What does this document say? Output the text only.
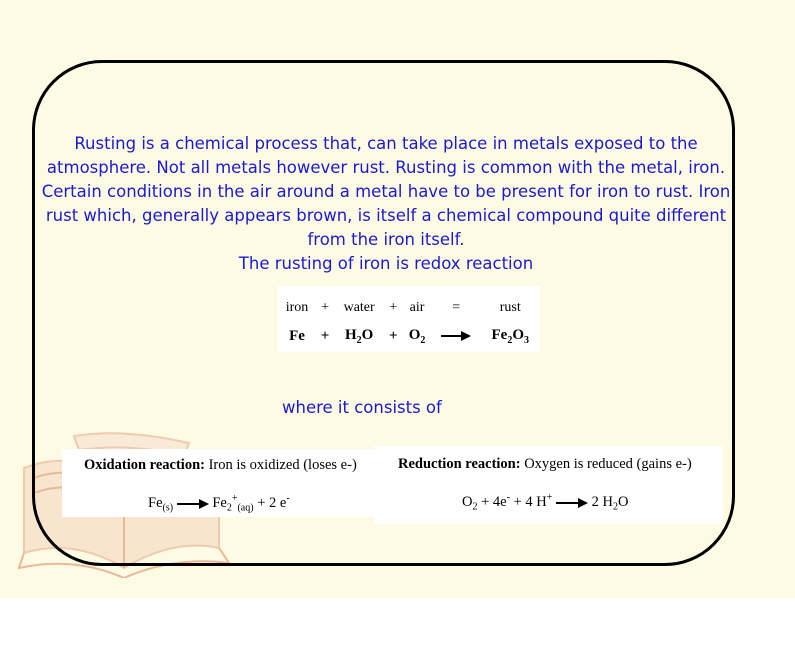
Rusting is a chemical process that, can take place in metals exposed to the atmosphere. Not all metals however rust. Rusting is common with the metal, iron. Certain conditions in the air around a metal have to be present for iron to rust. Iron rust which, generally appears brown, is itself a chemical compound quite different from the iron itself.

The rusting of iron is redox reaction

iron	+	water	+	air	=	rust
Fe	+	$H_2O$	+	$O_2$		$Fe_2O_3$
where it consists of
Oxidation reaction: Iron is oxidized (loses e-)
$Fe_{(s)}$	$Fe_2^+_{(aq)} + 2$ e-
Reduction reaction: Oxygen is reduced (gains e-)
$O_2 + 4e^- + 4$ H+	2 $H_2O$
